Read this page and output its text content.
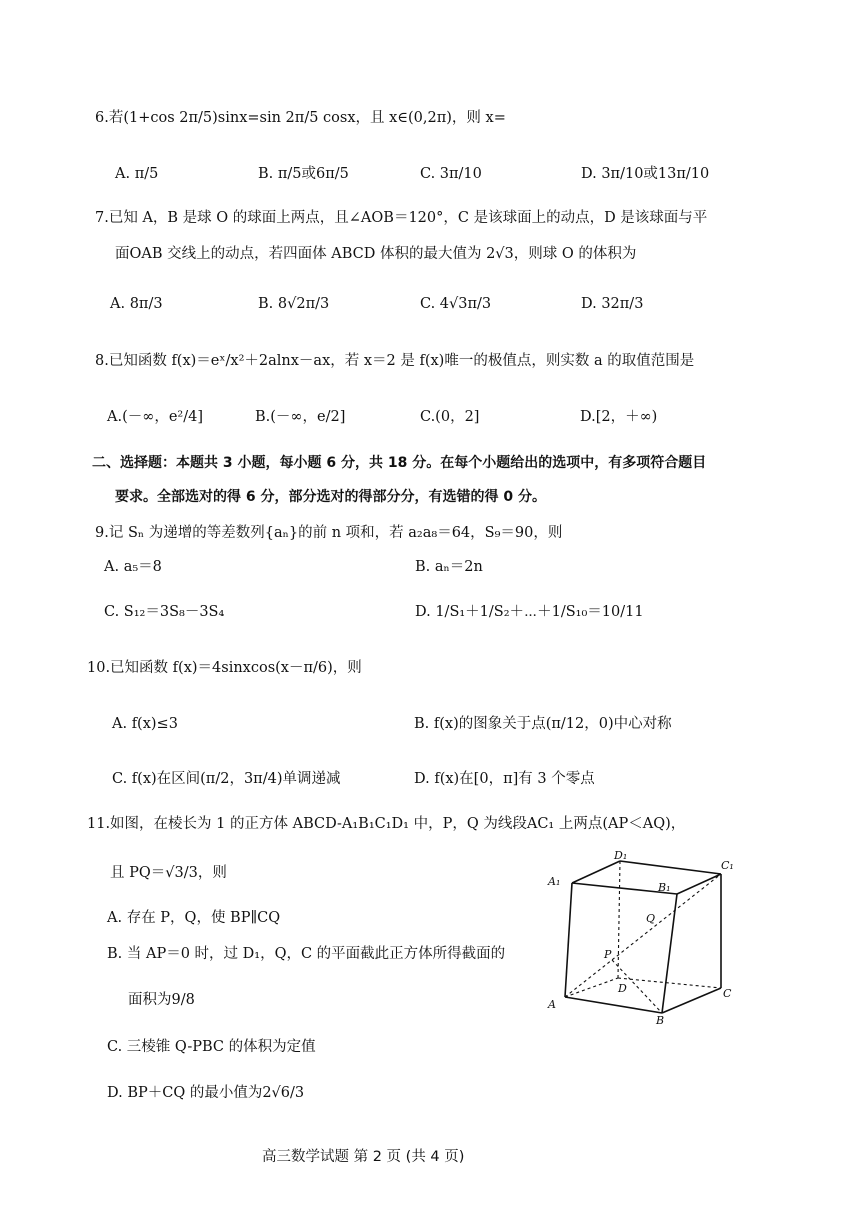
6.若(1+cos 2π/5)sinx=sin 2π/5 cosx，且 x∈(0,2π)，则 x=
A. π/5	B. π/5或6π/5	C. 3π/10	D. 3π/10或13π/10
7.已知 A，B 是球 O 的球面上两点，且∠AOB＝120°，C 是该球面上的动点，D 是该球面与平
面OAB 交线上的动点，若四面体 ABCD 体积的最大值为 2√3，则球 O 的体积为
A. 8π/3	B. 8√2π/3	C. 4√3π/3	D. 32π/3
8.已知函数 f(x)＝eˣ/x²＋2alnx－ax，若 x＝2 是 f(x)唯一的极值点，则实数 a 的取值范围是
A.(－∞，e²/4]	B.(－∞，e/2]	C.(0，2]	D.[2，＋∞)
二、选择题：本题共 3 小题，每小题 6 分，共 18 分。在每个小题给出的选项中，有多项符合题目
要求。全部选对的得 6 分，部分选对的得部分分，有选错的得 0 分。
9.记 Sₙ 为递增的等差数列{aₙ}的前 n 项和，若 a₂a₈＝64，S₉＝90，则
A. a₅＝8	B. aₙ＝2n
C. S₁₂＝3S₈－3S₄	D. 1/S₁＋1/S₂＋⋯＋1/S₁₀＝10/11
10.已知函数 f(x)＝4sinxcos(x－π/6)，则
A. f(x)≤3	B. f(x)的图象关于点(π/12，0)中心对称
C. f(x)在区间(π/2，3π/4)单调递减	D. f(x)在[0，π]有 3 个零点
11.如图，在棱长为 1 的正方体 ABCD-A₁B₁C₁D₁ 中，P，Q 为线段AC₁ 上两点(AP＜AQ)，
且 PQ＝√3/3，则
A. 存在 P，Q，使 BP∥CQ
B. 当 AP＝0 时，过 D₁，Q，C 的平面截此正方体所得截面的
面积为9/8
C. 三棱锥 Q-PBC 的体积为定值
D. BP＋CQ 的最小值为2√6/3
D₁
C₁
A₁	B₁
Q
P
D	C
A
B
高三数学试题 第 2 页 (共 4 页)
